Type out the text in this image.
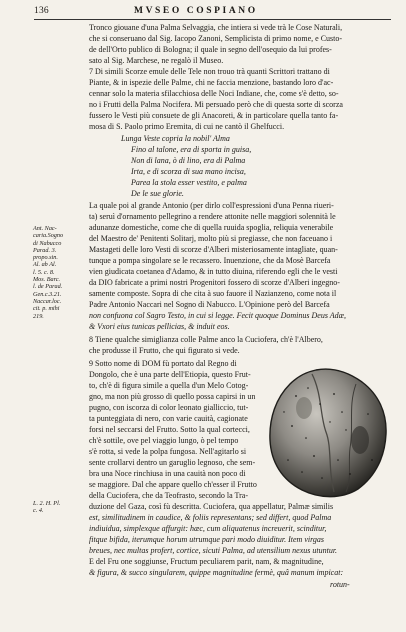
136	MVSEO COSPIANO
Tronco giouane d'una Palma Selvaggia, che intiera si vede trà le Cose Naturali,
che si conseruano dal Sig. Iacopo Zanoni, Semplicista di primo nome, e Custo-
de dell'Orto publico di Bologna; il quale in segno dell'osequio da lui profes-
sato al Sig. Marchese, ne regalò il Museo.
7 Di simili Scorze emule delle Tele non trouo trà quanti Scrittori trattano di
Piante, & in ispezie delle Palme, chi ne faccia menzione, bastando loro d'ac-
cennar solo la materia sfilacchiosa delle Noci Indiane, che, come s'è detto, so-
no i Frutti della Palma Nocifera. Mi persuado però che di questa sorte di scorza
fussero le Vesti più consuete de gli Anacoreti, & in particolare quella tanto fa-
mosa di S. Paolo primo Eremita, di cui ne cantò il Ghelfucci.
Lunga Veste copria la nobil' Alma
Fino al talone, era di sporta in guisa,
Non di lana, ò di lino, era di Palma
Irta, e di scorza di sua mano incisa,
Parea la stola esser vestito, e palma
De le sue glorie.
La quale poi al grande Antonio (per dirlo coll'espressioni d'una Penna riueri-
ta) seruì d'ornamento pellegrino a rendere attonite nelle maggiori solennità le
adunanze domestiche, come che di quella ruuida spoglia, reliquia venerabile
del Maestro de' Penitenti Solitarj, molto più si pregiasse, che non faceuano i
Mastageti delle loro Vesti di scorze d'Alberi misteriosamente intagliate, quan-
tunque a pompa singolare se le recassero. Inuenzione, che da Mosè Barcefa
vien giudicata coetanea d'Adamo, & in tutto diuina, riferendo egli che le vesti
da DIO fabricate a primi nostri Progenitori fossero di scorze d'Alberi ingegno-
samente composte. Sopra di che cita à suo fauore il Nazianzeno, come nota il
Padre Antonio Naccari nel Sogno di Nabucco. L'Opinione però del Barcefa
non confuona col Sagro Testo, in cui si legge. Fecit quoque Dominus Deus Adæ,
& Vxori eius tunicas pellicias, & induit eos.
8 Tiene qualche simiglianza colle Palme anco la Cuciofera, ch'è l'Albero,
che produsse il Frutto, che qui figurato si vede.
9 Sotto nome di DOM fù portato dal Regno di
Dongolo, che è una parte dell'Etiopia, questo Frut-
to, ch'è di figura simile a quella d'un Melo Cotog-
gno, ma non più grosso di quello possa capirsi in un
pugno, con iscorza di color leonato gialliccio, tut-
ta punteggiata di nero, con varie cauità, cagionate
forsi nel seccarsi del Frutto. Sotto la qual cortecci,
ch'è sottile, ove pel viaggio lungo, ò pel tempo
s'è rotta, si vede la polpa fungosa. Nell'agitarlo si
sente crollarvi dentro un garuglio legnoso, che sem-
bra una Noce rinchiusa in una cauità non poco di
se maggiore. Dal che appare quello ch'esser il Frutto
della Cuciofera, che da Teofrasto, secondo la Tra-
duzione del Gaza, così fù descritta. Cuciofera, qua appellatur, Palmæ similis
est, similitudinem in caudice, & foliis representans; sed differt, quod Palma
indiuidua, simplexque affurgit: hæc, cum aliquatenus increuerit, scinditur,
fitque bifida, iterumque horum utrumque pari modo diuiditur. Item virgas
breues, nec multas profert, cortice, sicuti Palma, ad utensilium nexus utuntur.
E del Fru one soggiunse, Fructum peculiarem parit, nam, & magnitudine,
& figura, & succo singularem, quippe magnitudine fermè, quâ manum impicat:
rotun-
Ant. Nac-
caria.Sogno
di Nabucco
Parad. 3.
propo.sin.
Al. ab Al.
l. 5. c. 8.
Mos. Barc.
l. de Parad.
Gen.c.3.21.
Naccar.loc.
cit. p. mihi
219.
L. 2. H. Pl.
c. 4.
